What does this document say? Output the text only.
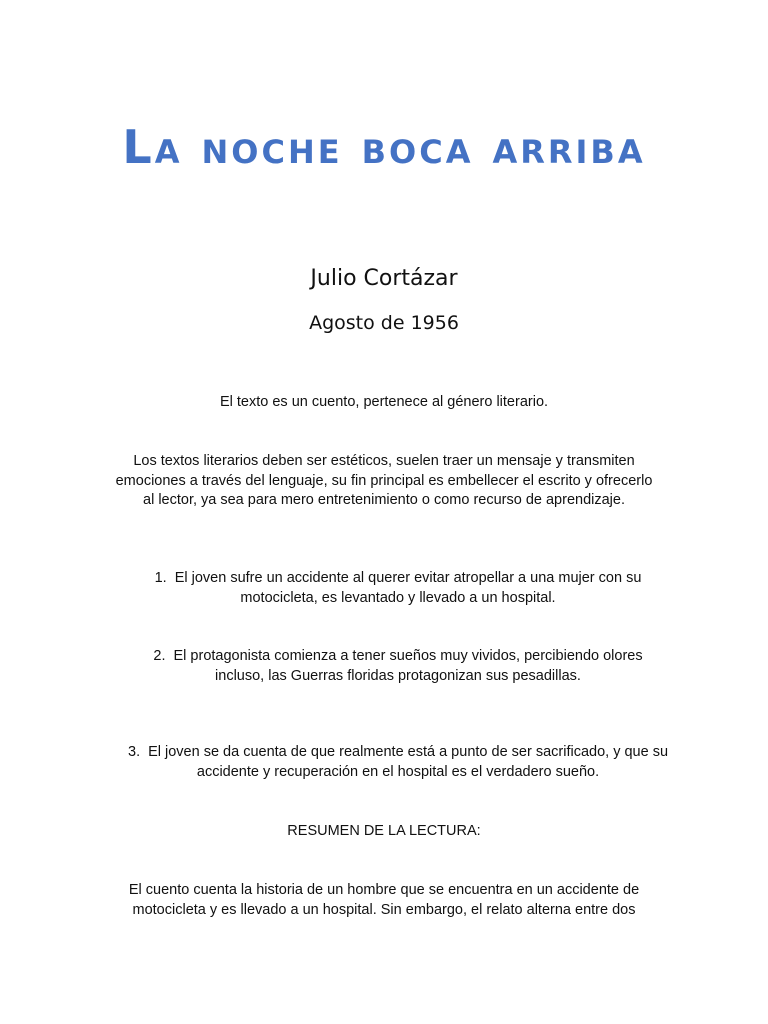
La noche boca arriba

Julio Cortázar

Agosto de 1956

El texto es un cuento, pertenece al género literario.

Los textos literarios deben ser estéticos, suelen traer un mensaje y transmiten emociones a través del lenguaje, su fin principal es embellecer el escrito y ofrecerlo al lector, ya sea para mero entretenimiento o como recurso de aprendizaje.

1. El joven sufre un accidente al querer evitar atropellar a una mujer con su motocicleta, es levantado y llevado a un hospital.

2. El protagonista comienza a tener sueños muy vividos, percibiendo olores incluso, las Guerras floridas protagonizan sus pesadillas.

3. El joven se da cuenta de que realmente está a punto de ser sacrificado, y que su accidente y recuperación en el hospital es el verdadero sueño.

RESUMEN DE LA LECTURA:

El cuento cuenta la historia de un hombre que se encuentra en un accidente de motocicleta y es llevado a un hospital. Sin embargo, el relato alterna entre dos
